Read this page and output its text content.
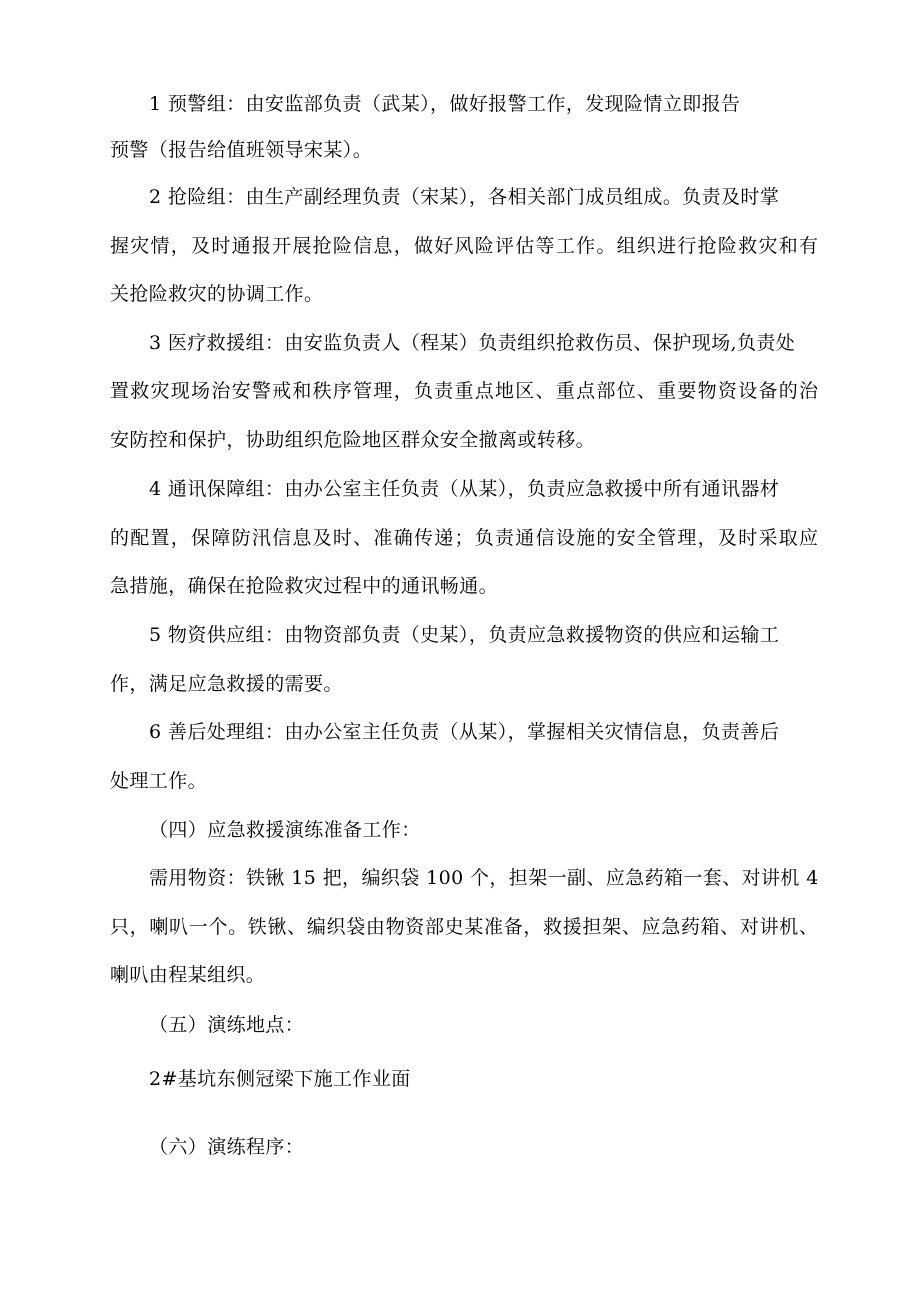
1 预警组：由安监部负责（武某），做好报警工作，发现险情立即报告
预警（报告给值班领导宋某）。
2 抢险组：由生产副经理负责（宋某），各相关部门成员组成。负责及时掌
握灾情，及时通报开展抢险信息，做好风险评估等工作。组织进行抢险救灾和有
关抢险救灾的协调工作。
3 医疗救援组：由安监负责人（程某）负责组织抢救伤员、保护现场,负责处
置救灾现场治安警戒和秩序管理，负责重点地区、重点部位、重要物资设备的治
安防控和保护，协助组织危险地区群众安全撤离或转移。
4 通讯保障组：由办公室主任负责（从某），负责应急救援中所有通讯器材
的配置，保障防汛信息及时、准确传递；负责通信设施的安全管理，及时采取应
急措施，确保在抢险救灾过程中的通讯畅通。
5 物资供应组：由物资部负责（史某），负责应急救援物资的供应和运输工
作，满足应急救援的需要。
6 善后处理组：由办公室主任负责（从某），掌握相关灾情信息，负责善后
处理工作。
（四）应急救援演练准备工作：
需用物资：铁锹 15 把，编织袋 100 个，担架一副、应急药箱一套、对讲机 4
只，喇叭一个。铁锹、编织袋由物资部史某准备，救援担架、应急药箱、对讲机、
喇叭由程某组织。
（五）演练地点：
2#基坑东侧冠梁下施工作业面
（六）演练程序：
